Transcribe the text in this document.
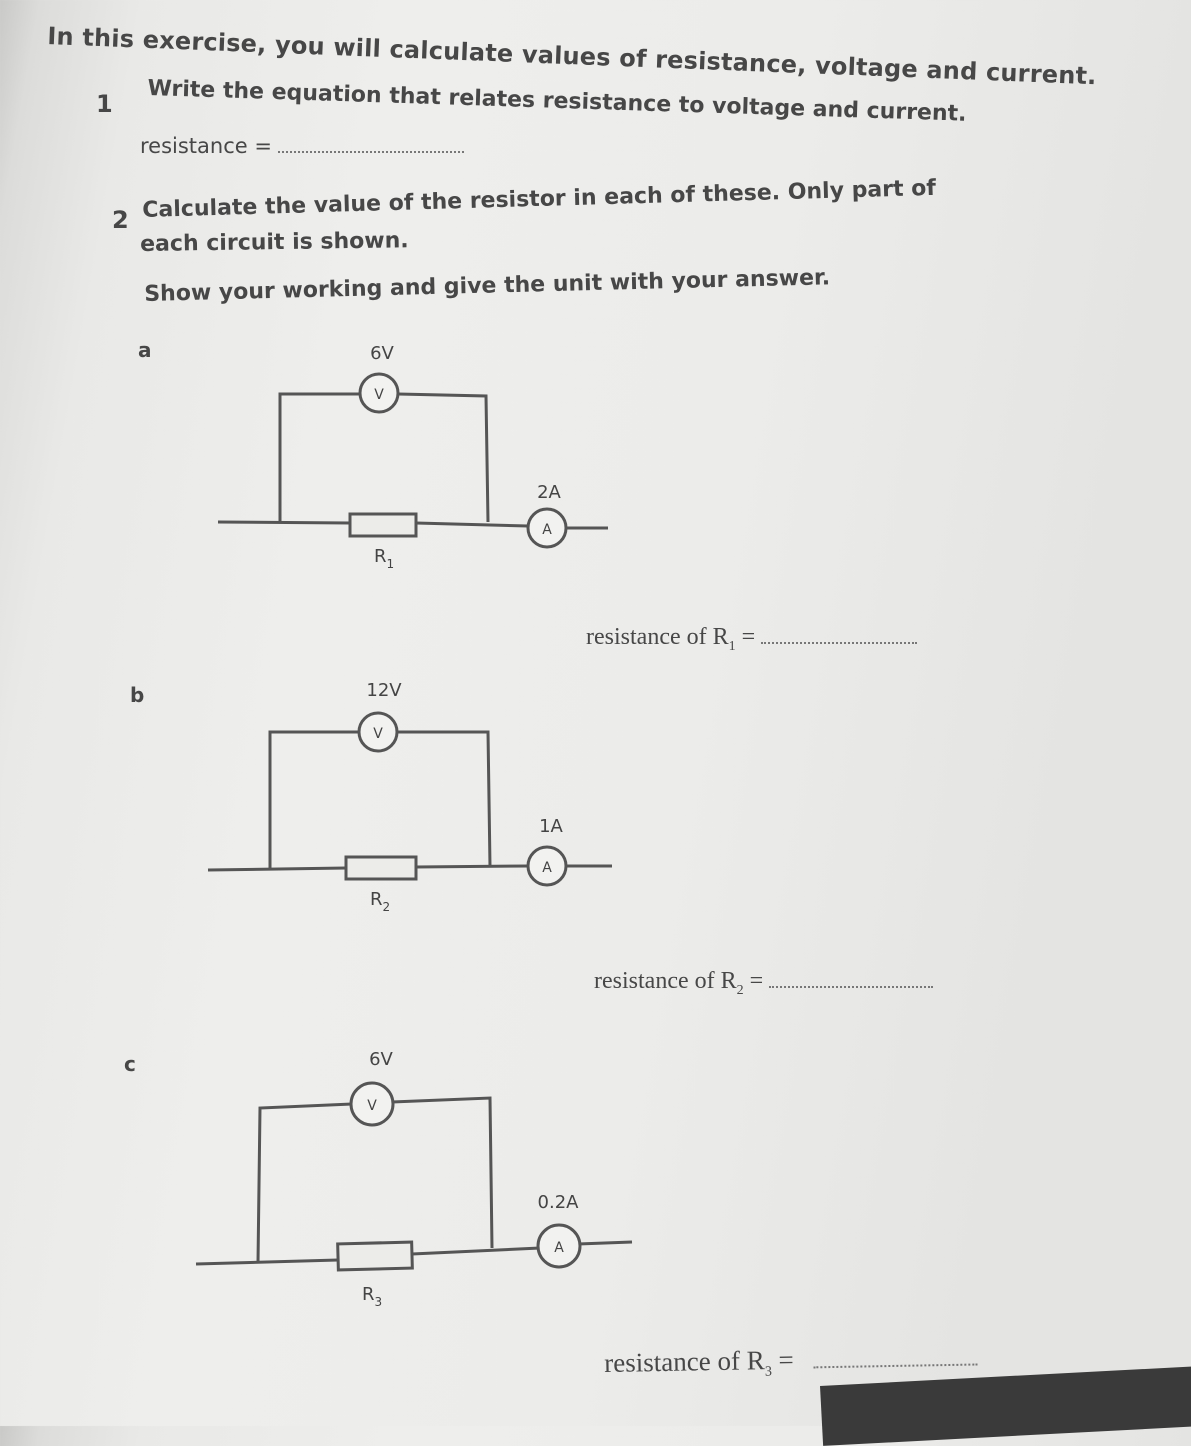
In this exercise, you will calculate values of resistance, voltage and current.
1 Write the equation that relates resistance to voltage and current.
resistance =
2 Calculate the value of the resistor in each of these. Only part of
each circuit is shown.
Show your working and give the unit with your answer.
a
b
c
V
A
6V
2A
$R_1$
V
A
12V
1A
$R_2$
V
A
6V
0.2A
$R_3$
resistance of $R_1$ =
resistance of $R_2$ =
resistance of $R_3$ =
